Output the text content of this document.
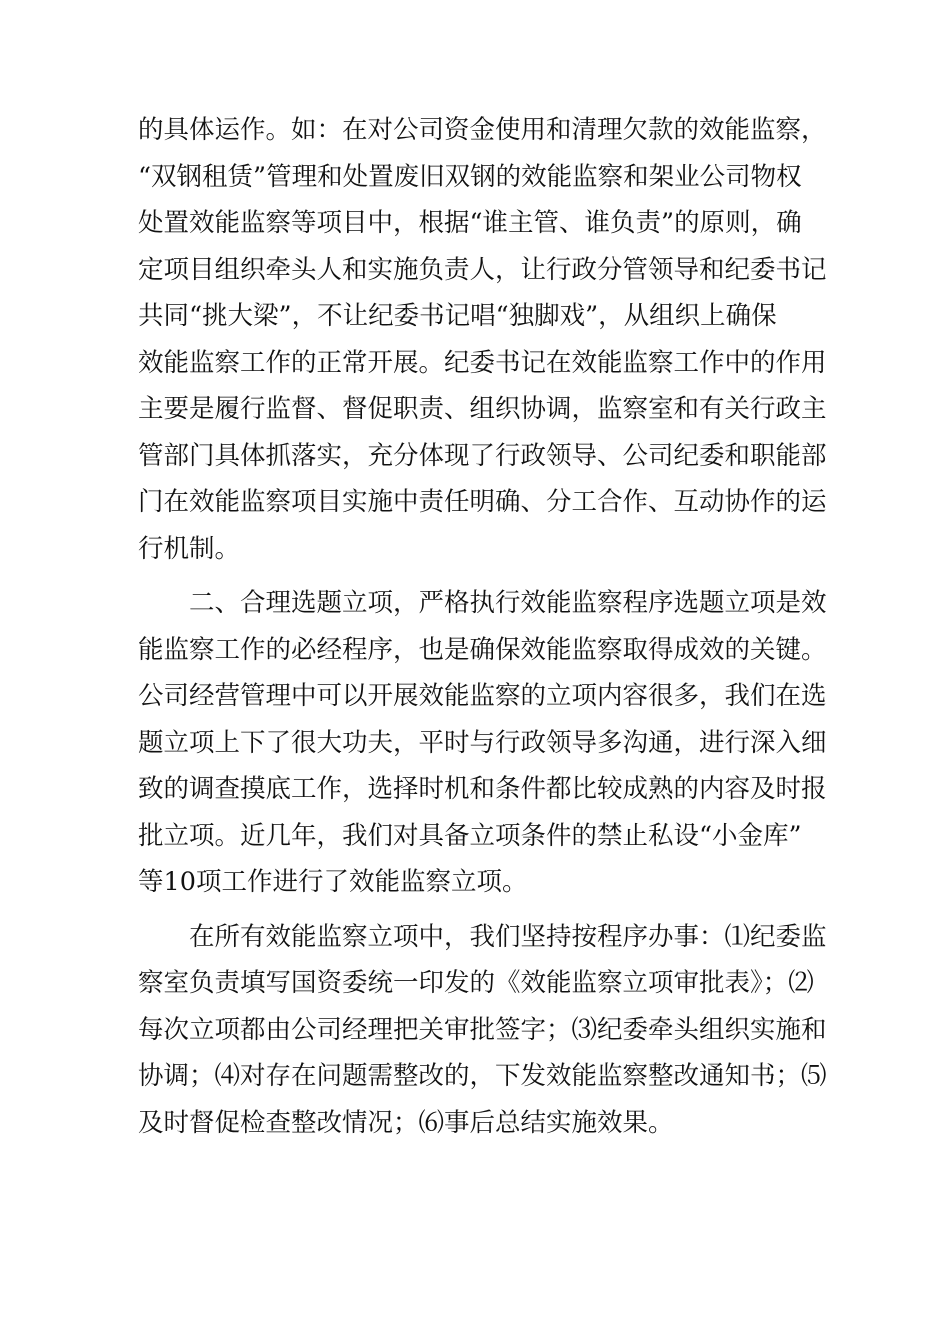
的具体运作。如：在对公司资金使用和清理欠款的效能监察，
“双钢租赁”管理和处置废旧双钢的效能监察和架业公司物权
处置效能监察等项目中，根据“谁主管、谁负责”的原则，确
定项目组织牵头人和实施负责人，让行政分管领导和纪委书记
共同“挑大梁”，不让纪委书记唱“独脚戏”，从组织上确保
效能监察工作的正常开展。纪委书记在效能监察工作中的作用
主要是履行监督、督促职责、组织协调，监察室和有关行政主
管部门具体抓落实，充分体现了行政领导、公司纪委和职能部
门在效能监察项目实施中责任明确、分工合作、互动协作的运
行机制。
二、合理选题立项，严格执行效能监察程序选题立项是效
能监察工作的必经程序，也是确保效能监察取得成效的关键。
公司经营管理中可以开展效能监察的立项内容很多，我们在选
题立项上下了很大功夫，平时与行政领导多沟通，进行深入细
致的调查摸底工作，选择时机和条件都比较成熟的内容及时报
批立项。近几年，我们对具备立项条件的禁止私设“小金库”
等10项工作进行了效能监察立项。
在所有效能监察立项中，我们坚持按程序办事：⑴纪委监
察室负责填写国资委统一印发的《效能监察立项审批表》；⑵
每次立项都由公司经理把关审批签字；⑶纪委牵头组织实施和
协调；⑷对存在问题需整改的，下发效能监察整改通知书；⑸
及时督促检查整改情况；⑹事后总结实施效果。
